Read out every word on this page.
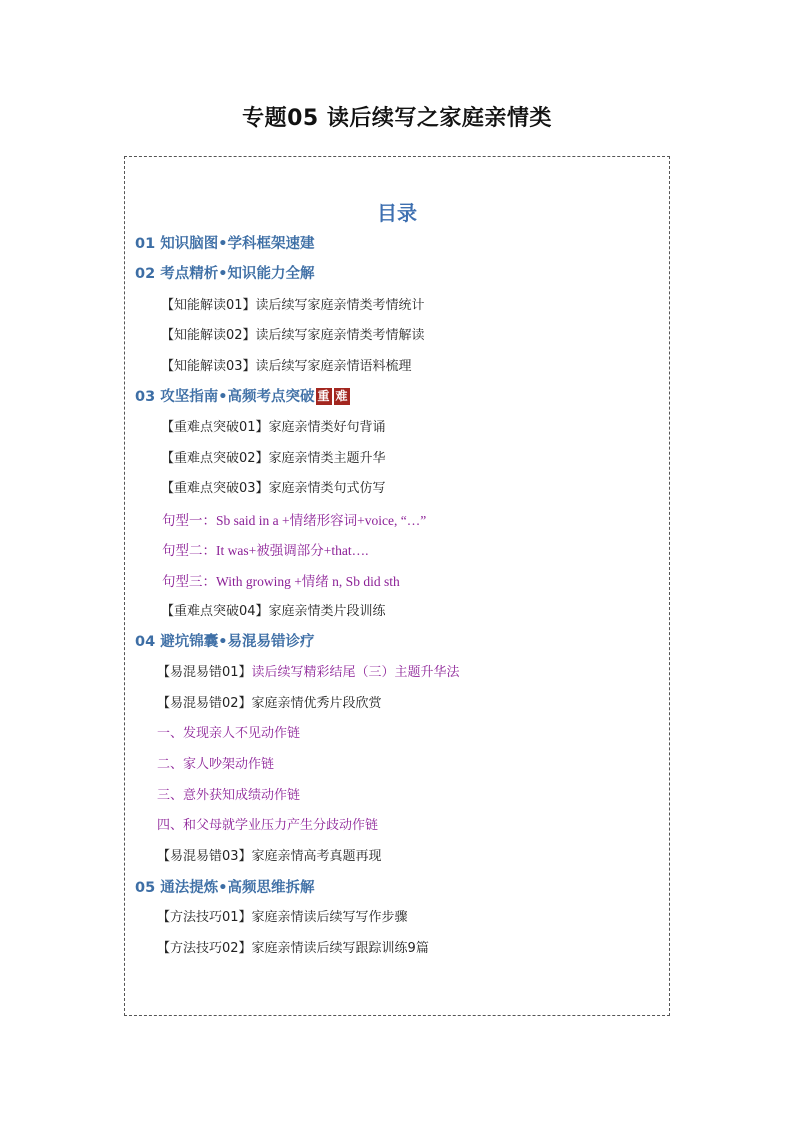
专题05 读后续写之家庭亲情类
目录
01 知识脑图•学科框架速建
02 考点精析•知识能力全解
【知能解读01】读后续写家庭亲情类考情统计
【知能解读02】读后续写家庭亲情类考情解读
【知能解读03】读后续写家庭亲情语料梳理
03 攻坚指南•高频考点突破 重 难
【重难点突破01】家庭亲情类好句背诵
【重难点突破02】家庭亲情类主题升华
【重难点突破03】家庭亲情类句式仿写
句型一：Sb said in a +情绪形容词+voice, “…”
句型二：It was+被强调部分+that….
句型三：With growing +情绪 n, Sb did sth
【重难点突破04】家庭亲情类片段训练
04 避坑锦囊•易混易错诊疗
【易混易错01】读后续写精彩结尾（三）主题升华法
【易混易错02】家庭亲情优秀片段欣赏
一、发现亲人不见动作链
二、家人吵架动作链
三、意外获知成绩动作链
四、和父母就学业压力产生分歧动作链
【易混易错03】家庭亲情高考真题再现
05 通法提炼•高频思维拆解
【方法技巧01】家庭亲情读后续写写作步骤
【方法技巧02】家庭亲情读后续写跟踪训练9篇
